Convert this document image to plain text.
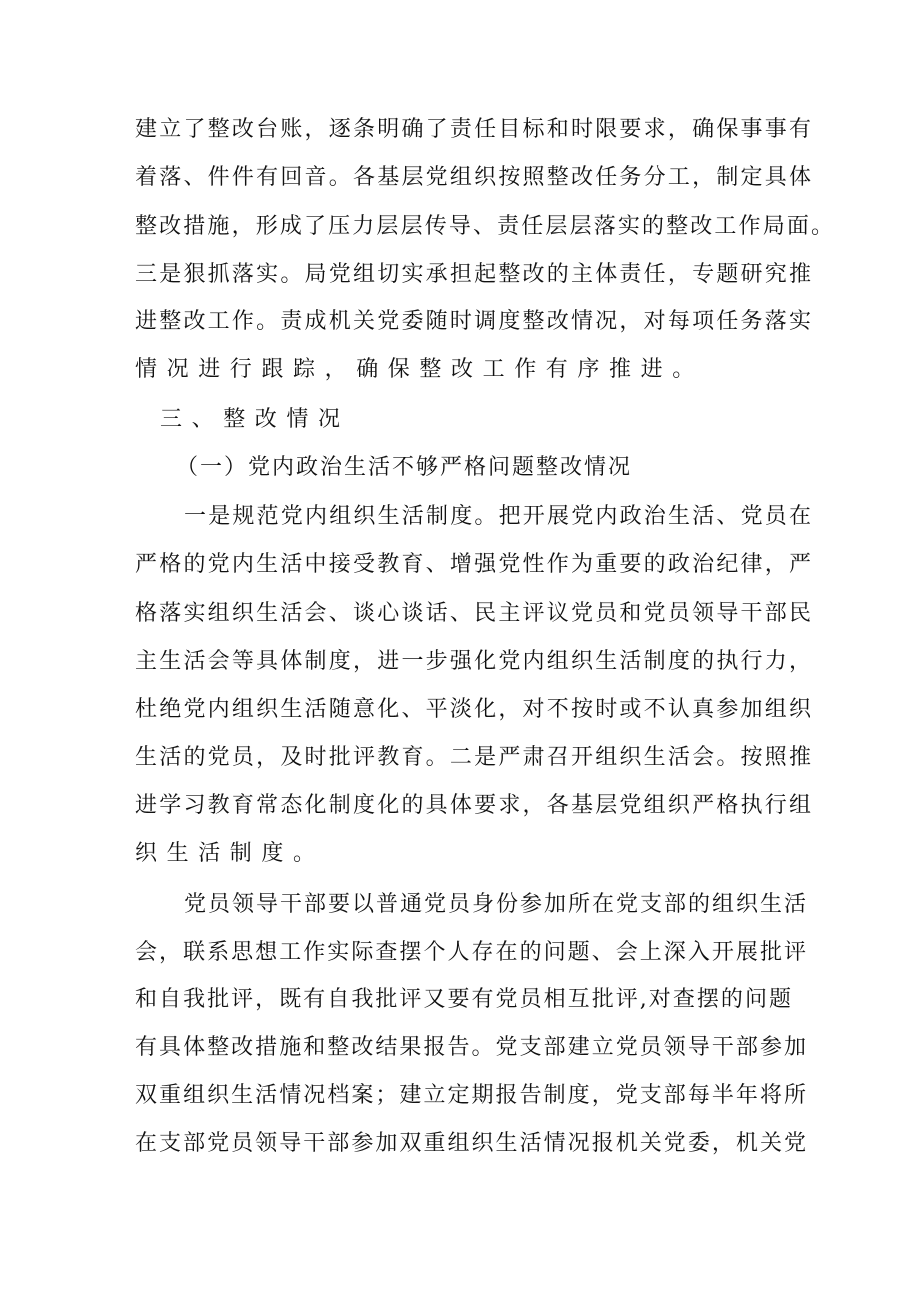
建立了整改台账，逐条明确了责任目标和时限要求，确保事事有
着落、件件有回音。各基层党组织按照整改任务分工，制定具体
整改措施，形成了压力层层传导、责任层层落实的整改工作局面。
三是狠抓落实。局党组切实承担起整改的主体责任，专题研究推
进整改工作。责成机关党委随时调度整改情况，对每项任务落实
情况进行跟踪，确保整改工作有序推进。
三、整改情况
（一）党内政治生活不够严格问题整改情况
一是规范党内组织生活制度。把开展党内政治生活、党员在
严格的党内生活中接受教育、增强党性作为重要的政治纪律，严
格落实组织生活会、谈心谈话、民主评议党员和党员领导干部民
主生活会等具体制度，进一步强化党内组织生活制度的执行力，
杜绝党内组织生活随意化、平淡化，对不按时或不认真参加组织
生活的党员，及时批评教育。二是严肃召开组织生活会。按照推
进学习教育常态化制度化的具体要求，各基层党组织严格执行组
织生活制度。
党员领导干部要以普通党员身份参加所在党支部的组织生活
会，联系思想工作实际查摆个人存在的问题、会上深入开展批评
和自我批评，既有自我批评又要有党员相互批评,对查摆的问题
有具体整改措施和整改结果报告。党支部建立党员领导干部参加
双重组织生活情况档案；建立定期报告制度，党支部每半年将所
在支部党员领导干部参加双重组织生活情况报机关党委，机关党
